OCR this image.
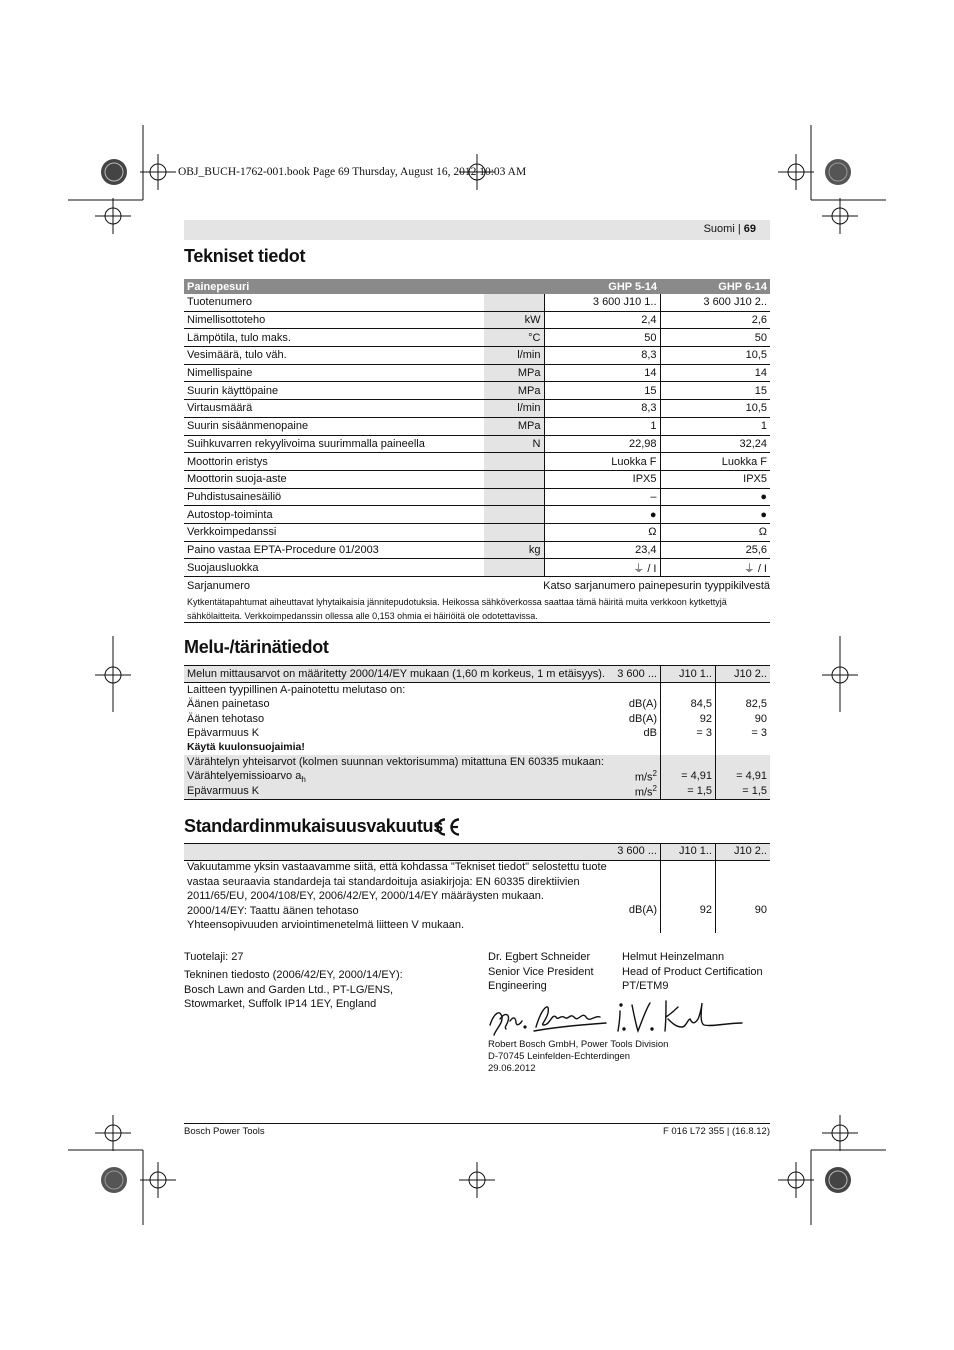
OBJ_BUCH-1762-001.book Page 69 Thursday, August 16, 2012 10:03 AM
Suomi | 69
Tekniset tiedot
Painepesuri		GHP 5-14	GHP 6-14
Tuotenumero		3 600 J10 1..	3 600 J10 2..
Nimellisottoteho	kW	2,4	2,6
Lämpötila, tulo maks.	°C	50	50
Vesimäärä, tulo väh.	l/min	8,3	10,5
Nimellispaine	MPa	14	14
Suurin käyttöpaine	MPa	15	15
Virtausmäärä	l/min	8,3	10,5
Suurin sisäänmenopaine	MPa	1	1
Suihkuvarren rekyylivoima suurimmalla paineella	N	22,98	32,24
Moottorin eristys		Luokka F	Luokka F
Moottorin suoja-aste		IPX5	IPX5
Puhdistusainesäiliö		–	●
Autostop-toiminta		●	●
Verkkoimpedanssi		Ω	Ω
Paino vastaa EPTA-Procedure 01/2003	kg	23,4	25,6
Suojausluokka		⏚ / I	⏚ / I
Sarjanumero	Katso sarjanumero painepesurin tyyppikilvestä
Kytkentätapahtumat aiheuttavat lyhytaikaisia jännitepudotuksia. Heikossa sähköverkossa saattaa tämä häiritä muita verkkoon kytkettyjä sähkölaitteita. Verkkoimpedanssin ollessa alle 0,153 ohmia ei häiriöitä ole odotettavissa.
Melu-/tärinätiedot
Melun mittausarvot on määritetty 2000/14/EY mukaan (1,60 m korkeus, 1 m etäisyys).	3 600 ...	J10 1..	J10 2..
Laitteen tyypillinen A-painotettu melutaso on:
Äänen painetaso	dB(A)	84,5	82,5
Äänen tehotaso	dB(A)	92	90
Epävarmuus K	dB	= 3	= 3
Käytä kuulonsuojaimia!
Värähtelyn yhteisarvot (kolmen suunnan vektorisumma) mitattuna EN 60335 mukaan:
Värähtelyemissioarvo $a_h$	$m/s^2$	= 4,91	= 4,91
Epävarmuus K	$m/s^2$	= 1,5	= 1,5
Standardinmukaisuusvakuutus
3 600 ...	J10 1..	J10 2..
Vakuutamme yksin vastaavamme siitä, että kohdassa "Tekniset tiedot" selostettu tuote
vastaa seuraavia standardeja tai standardoituja asiakirjoja: EN 60335 direktiivien
2011/65/EU, 2004/108/EY, 2006/42/EY, 2000/14/EY määräysten mukaan.
2000/14/EY: Taattu äänen tehotaso
Yhteensopivuuden arviointimenetelmä liitteen V mukaan.
dB(A)	92	90
Tuotelaji: 27
Tekninen tiedosto (2006/42/EY, 2000/14/EY):
Bosch Lawn and Garden Ltd., PT-LG/ENS,
Stowmarket, Suffolk IP14 1EY, England
Dr. Egbert Schneider
Senior Vice President
Engineering
Helmut Heinzelmann
Head of Product Certification
PT/ETM9
Robert Bosch GmbH, Power Tools Division
D-70745 Leinfelden-Echterdingen
29.06.2012
Bosch Power Tools	F 016 L72 355 | (16.8.12)
